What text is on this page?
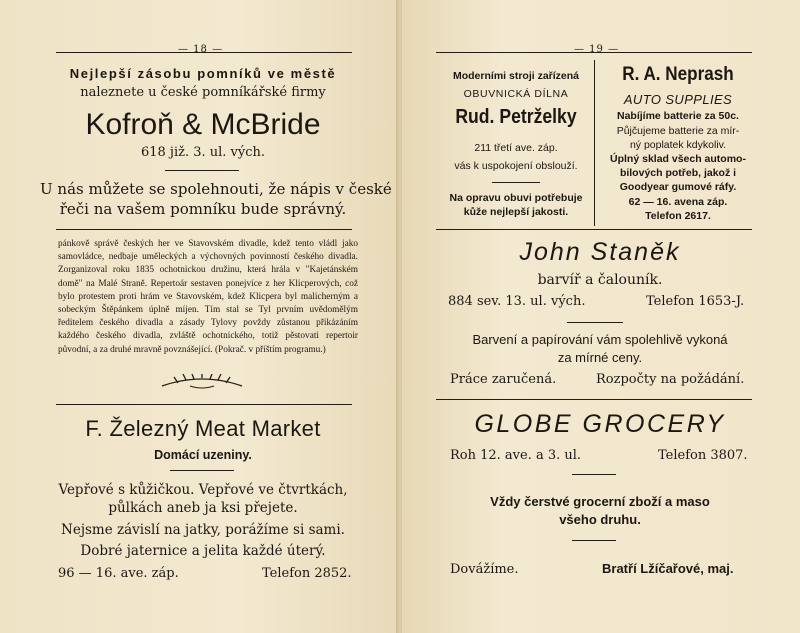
— 18 —
Nejlepší zásobu pomníků ve městě
naleznete u české pomníkářské firmy
Kofroň & McBride
618 již. 3. ul. vých.
U nás můžete se spolehnouti, že nápis v české
řeči na vašem pomníku bude správný.
pánkově správě českých her ve Stavovském divadle, kdež tento vládl jako samovládce, nedbaje uměleckých a výchovných povinností českého divadla. Zorganizoval roku 1835 ochotnickou družinu, která hrála v "Kajetánském domě" na Malé Straně. Repertoár sestaven ponejvíce z her Klicperových, což bylo protestem proti hrám ve Stavovském, kdež Klicpera byl malicherným a sobeckým Štěpánkem úplně míjen. Tím stal se Tyl prvním uvědomělým ředitelem českého divadla a zásady Tylovy povždy zůstanou přikázáním každého českého divadla, zvláště ochotnického, totiž pěstovati repertoir původní, a za druhé mravně povznášející. (Pokrač. v příštím programu.)
F. Železný Meat Market
Domácí uzeniny.
Vepřové s kůžičkou. Vepřové ve čtvrtkách,
půlkách aneb ja ksi přejete.
Nejsme závislí na jatky, porážíme si sami.
Dobré jaternice a jelita každé úterý.
96 — 16. ave. záp.	Telefon 2852.
— 19 —
Moderními stroji zařízená
OBUVNICKÁ DÍLNA
Rud. Petrželky
211 třetí ave. záp.
vás k uspokojení obslouží.
Na opravu obuvi potřebuje
kůže nejlepší jakosti.
R. A. Neprash
AUTO SUPPLIES
Nabíjíme batterie za 50c.
Půjčujeme batterie za mír-
ný poplatek kdykoliv.
Úplný sklad všech automo-
bilových potřeb, jakož i
Goodyear gumové ráfy.
62 — 16. avena záp.
Telefon 2617.
John Staněk
barvíř a čalouník.
884 sev. 13. ul. vých.	Telefon 1653-J.
Barvení a papírování vám spolehlivě vykoná
za mírné ceny.
Práce zaručená.	Rozpočty na požádání.
GLOBE GROCERY
Roh 12. ave. a 3. ul.	Telefon 3807.
Vždy čerstvé grocerní zboží a maso
všeho druhu.
Dovážíme.	Bratří Lžíčařové, maj.
